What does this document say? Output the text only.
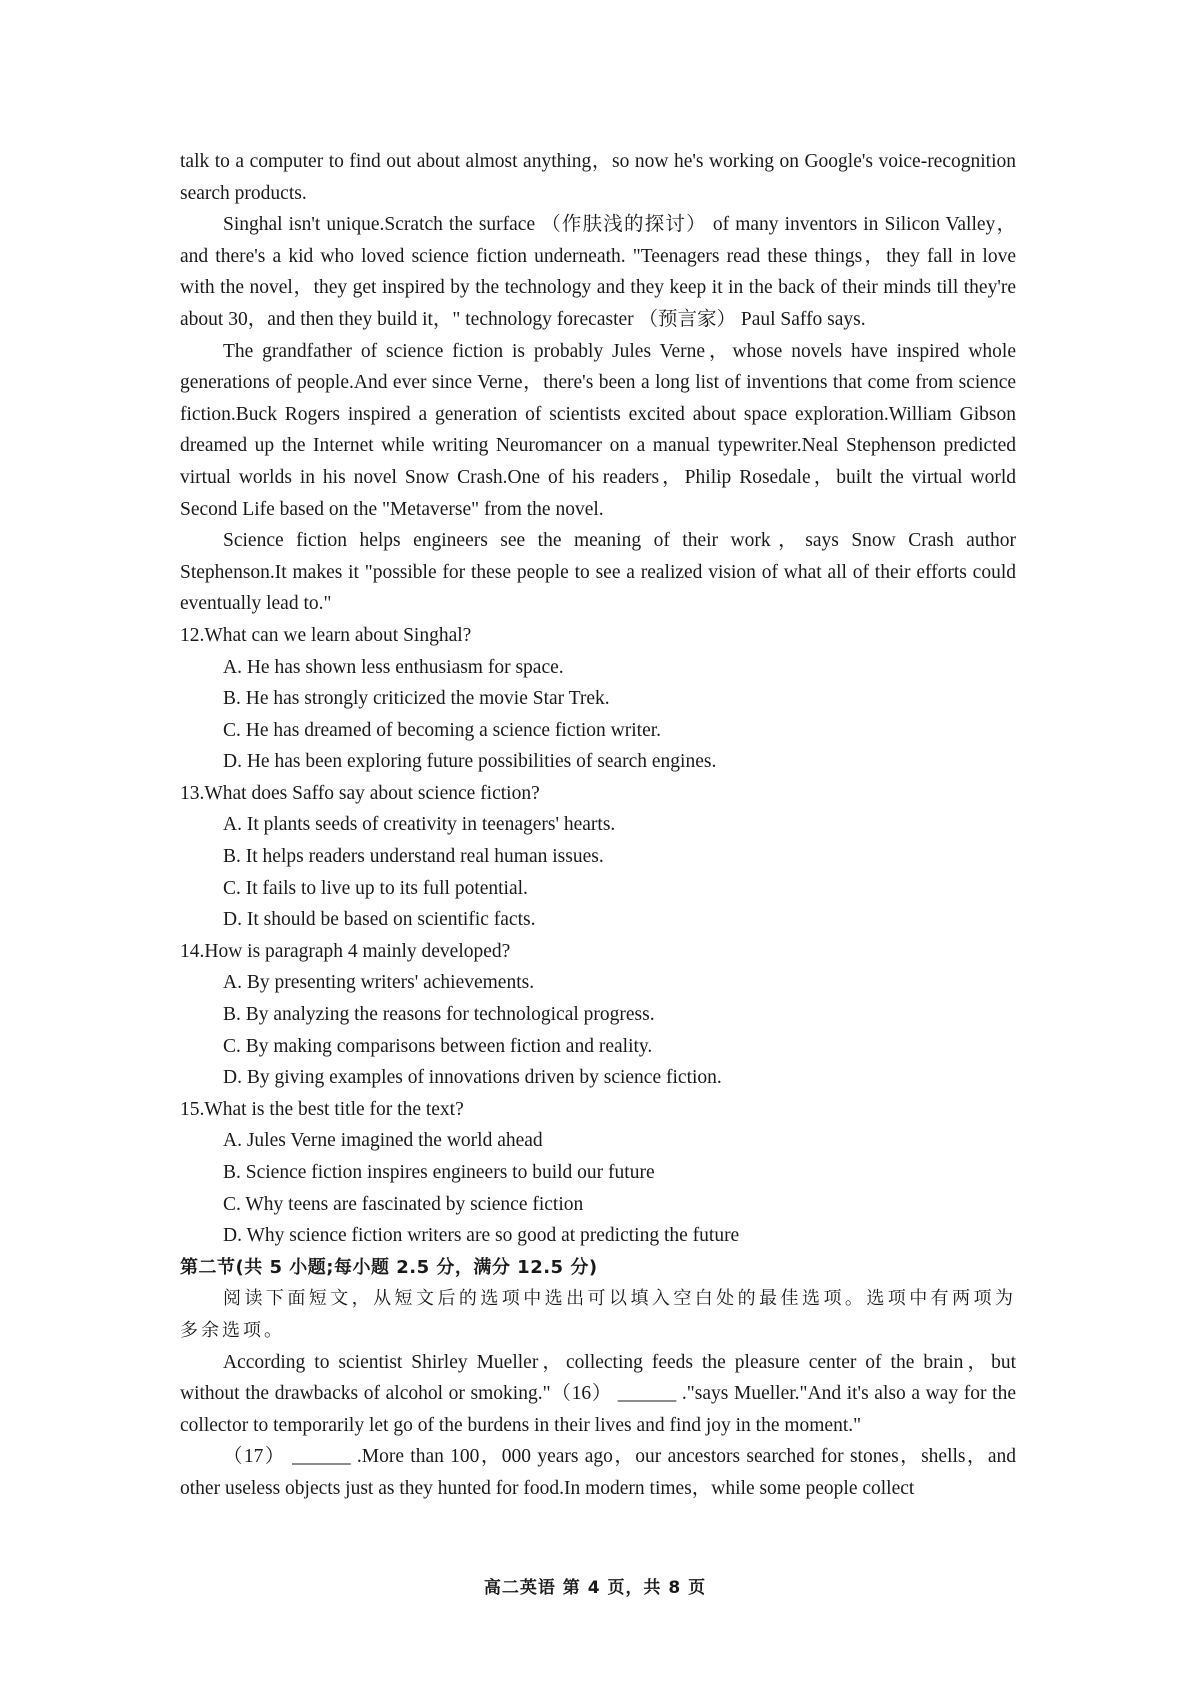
talk to a computer to find out about almost anything，so now he's working on Google's voice-recognition search products.

Singhal isn't unique.Scratch the surface （作肤浅的探讨） of many inventors in Silicon Valley，and there's a kid who loved science fiction underneath. "Teenagers read these things，they fall in love with the novel，they get inspired by the technology and they keep it in the back of their minds till they're about 30，and then they build it，" technology forecaster （预言家） Paul Saffo says.

The grandfather of science fiction is probably Jules Verne，whose novels have inspired whole generations of people.And ever since Verne，there's been a long list of inventions that come from science fiction.Buck Rogers inspired a generation of scientists excited about space exploration.William Gibson dreamed up the Internet while writing Neuromancer on a manual typewriter.Neal Stephenson predicted virtual worlds in his novel Snow Crash.One of his readers，Philip Rosedale，built the virtual world Second Life based on the "Metaverse" from the novel.

Science fiction helps engineers see the meaning of their work，says Snow Crash author Stephenson.It makes it "possible for these people to see a realized vision of what all of their efforts could eventually lead to."

12.What can we learn about Singhal?

A. He has shown less enthusiasm for space.
B. He has strongly criticized the movie Star Trek.
C. He has dreamed of becoming a science fiction writer.
D. He has been exploring future possibilities of search engines.

13.What does Saffo say about science fiction?

A. It plants seeds of creativity in teenagers' hearts.
B. It helps readers understand real human issues.
C. It fails to live up to its full potential.
D. It should be based on scientific facts.

14.How is paragraph 4 mainly developed?

A. By presenting writers' achievements.
B. By analyzing the reasons for technological progress.
C. By making comparisons between fiction and reality.
D. By giving examples of innovations driven by science fiction.

15.What is the best title for the text?

A. Jules Verne imagined the world ahead
B. Science fiction inspires engineers to build our future
C. Why teens are fascinated by science fiction
D. Why science fiction writers are so good at predicting the future

第二节(共 5 小题;每小题 2.5 分，满分 12.5 分)

阅读下面短文，从短文后的选项中选出可以填入空白处的最佳选项。选项中有两项为多余选项。

According to scientist Shirley Mueller，collecting feeds the pleasure center of the brain，but without the drawbacks of alcohol or smoking."（16） ______ ."says Mueller."And it's also a way for the collector to temporarily let go of the burdens in their lives and find joy in the moment."

（17） ______ .More than 100，000 years ago，our ancestors searched for stones，shells，and other useless objects just as they hunted for food.In modern times，while some people collect

高二英语 第 4 页，共 8 页
